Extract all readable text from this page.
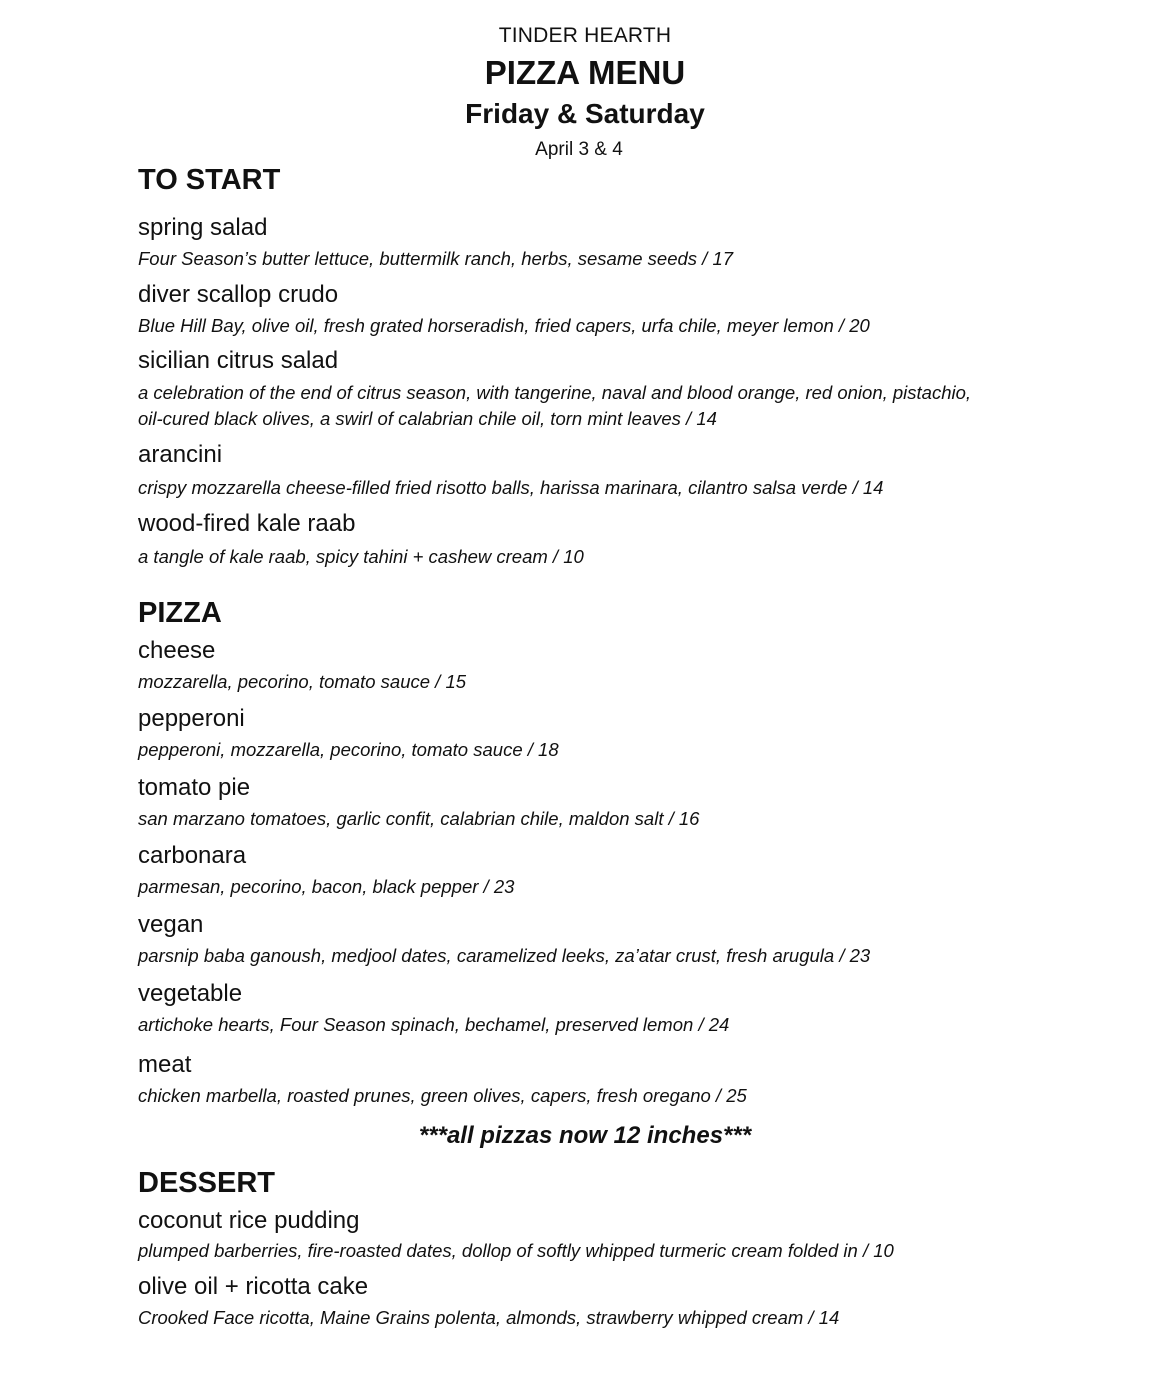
TINDER HEARTH
PIZZA MENU
Friday & Saturday
April 3 & 4
TO START
spring salad
Four Season’s butter lettuce, buttermilk ranch, herbs, sesame seeds / 17
diver scallop crudo
Blue Hill Bay, olive oil, fresh grated horseradish, fried capers, urfa chile, meyer lemon / 20
sicilian citrus salad
a celebration of the end of citrus season, with tangerine, naval and blood orange, red onion, pistachio,
oil-cured black olives, a swirl of calabrian chile oil, torn mint leaves / 14
arancini
crispy mozzarella cheese-filled fried risotto balls, harissa marinara, cilantro salsa verde / 14
wood-fired kale raab
a tangle of kale raab, spicy tahini + cashew cream / 10
PIZZA
cheese
mozzarella, pecorino, tomato sauce / 15
pepperoni
pepperoni, mozzarella, pecorino, tomato sauce / 18
tomato pie
san marzano tomatoes, garlic confit, calabrian chile, maldon salt / 16
carbonara
parmesan, pecorino, bacon, black pepper / 23
vegan
parsnip baba ganoush, medjool dates, caramelized leeks, za’atar crust, fresh arugula / 23
vegetable
artichoke hearts, Four Season spinach, bechamel, preserved lemon / 24
meat
chicken marbella, roasted prunes, green olives, capers, fresh oregano / 25
***all pizzas now 12 inches***
DESSERT
coconut rice pudding
plumped barberries, fire-roasted dates, dollop of softly whipped turmeric cream folded in / 10
olive oil + ricotta cake
Crooked Face ricotta, Maine Grains polenta, almonds, strawberry whipped cream / 14
